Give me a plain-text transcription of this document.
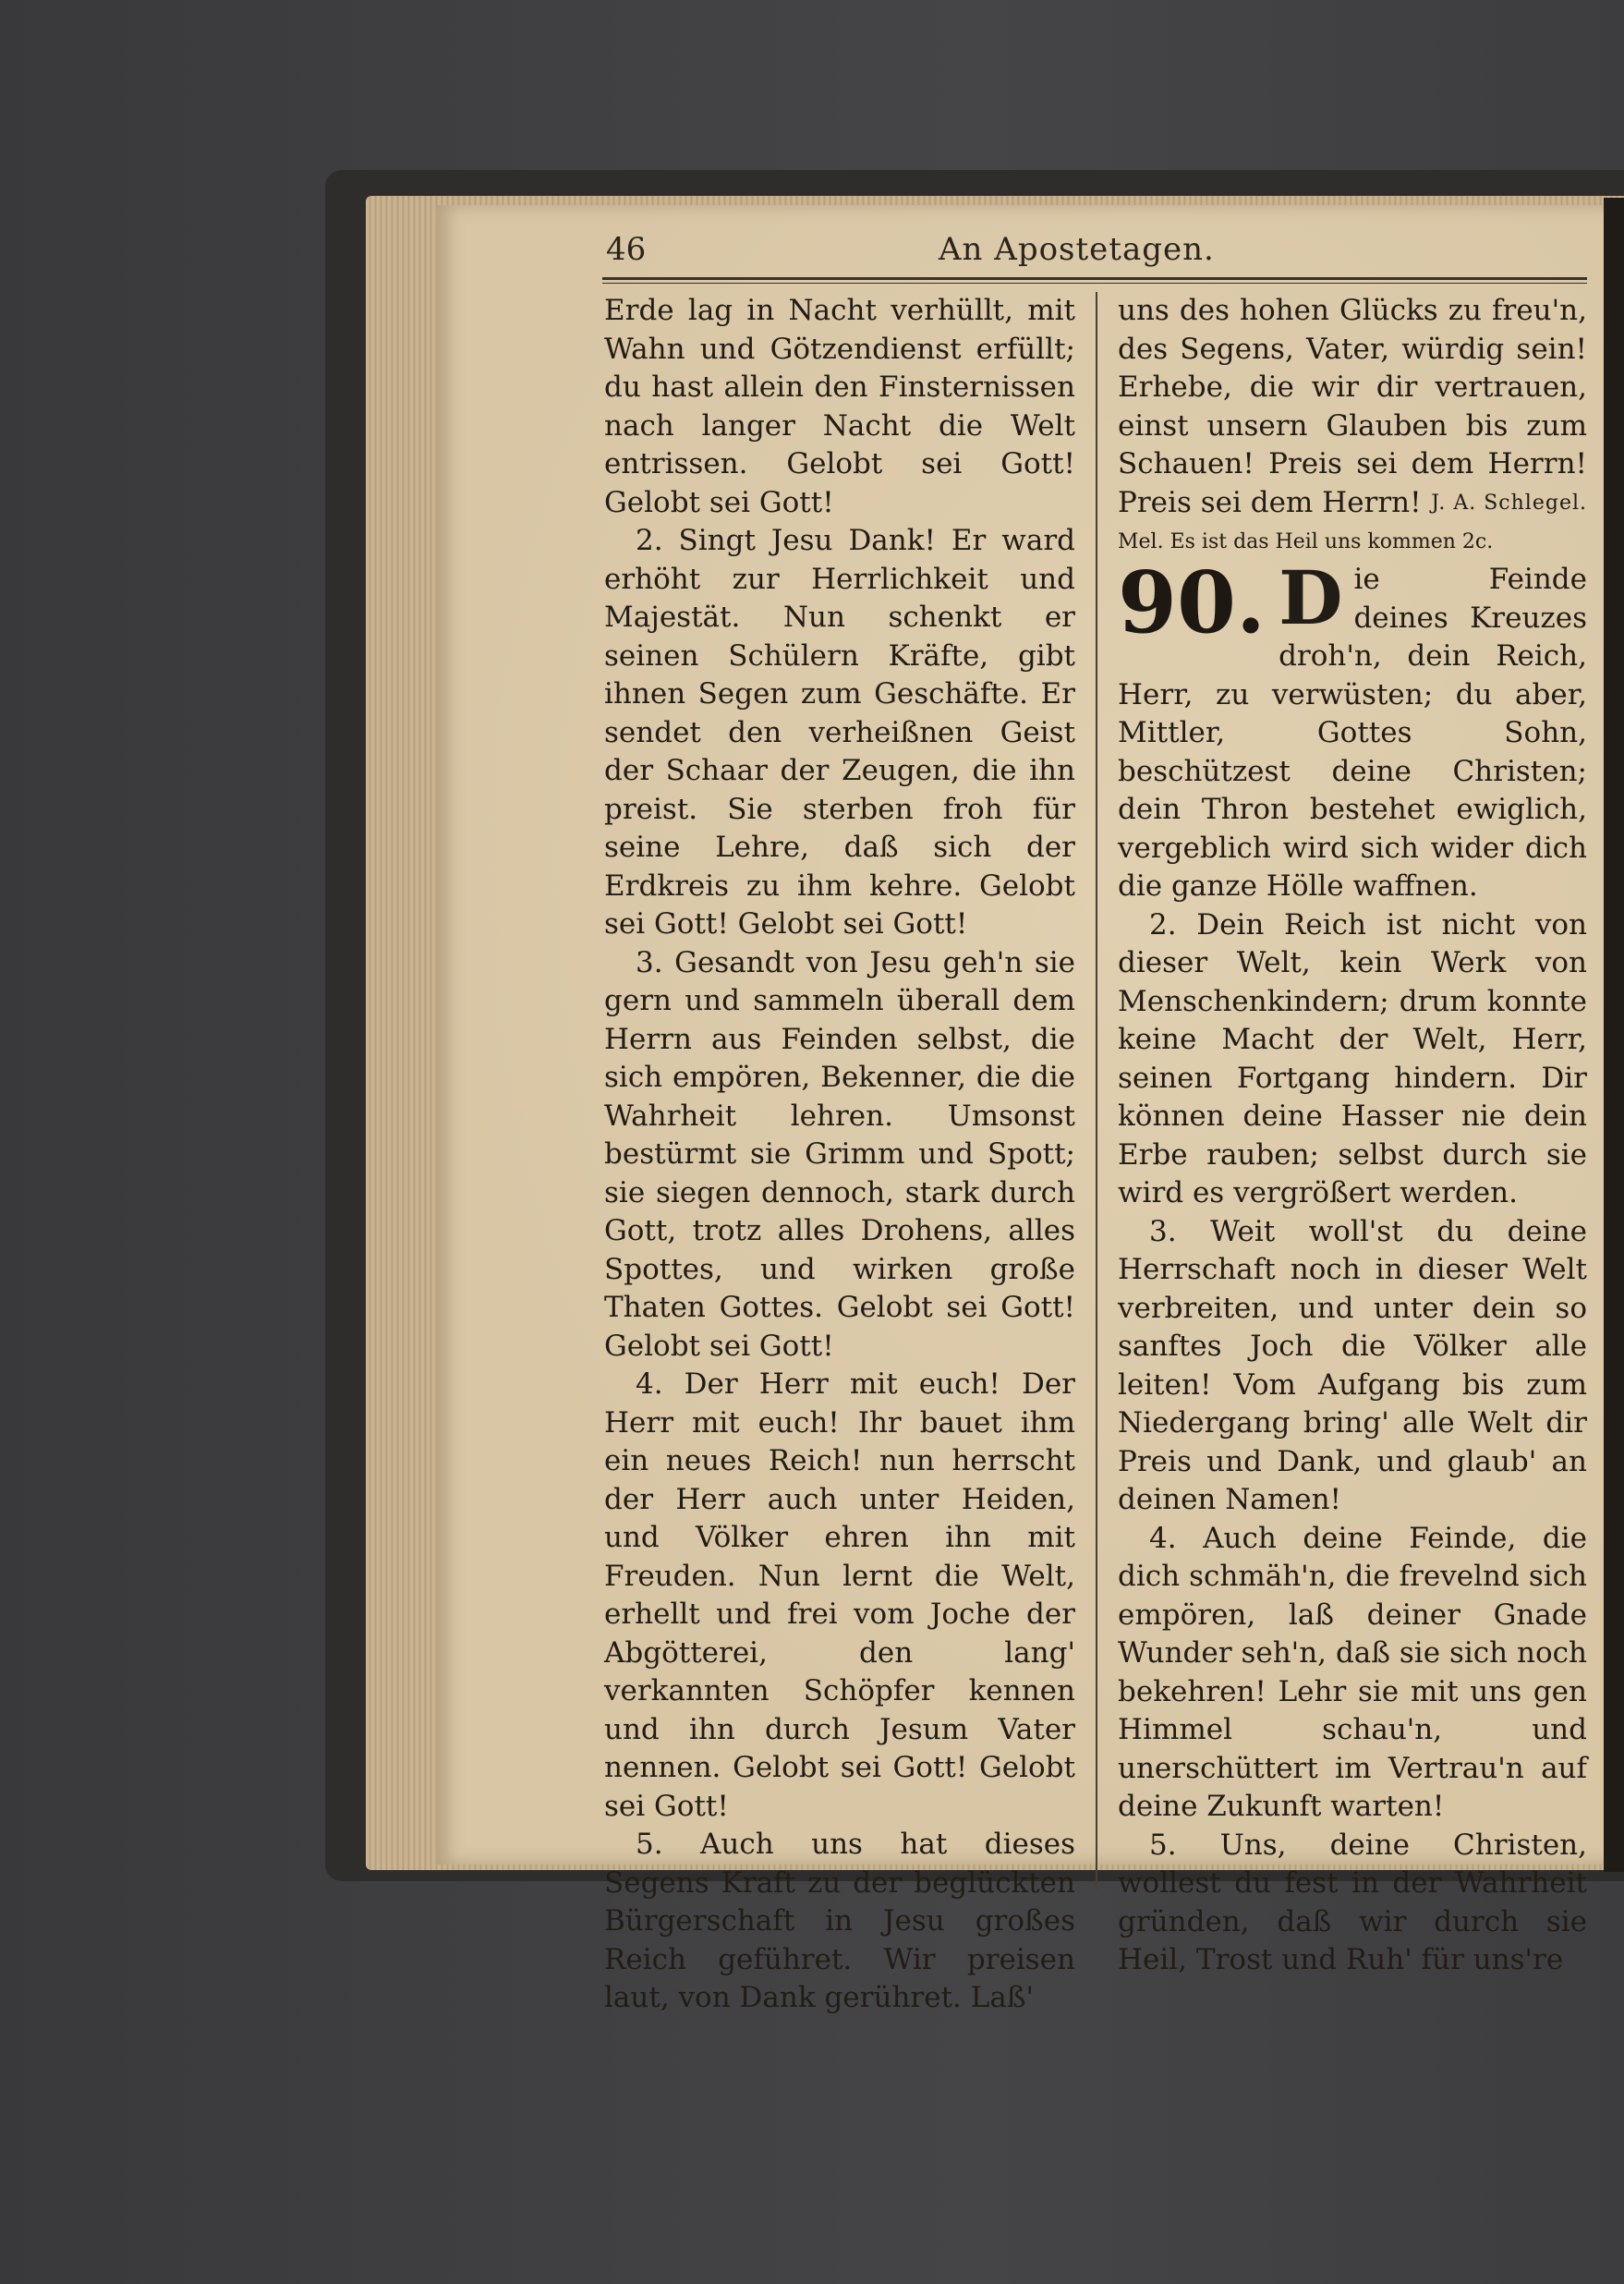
46	An Apostetagen.

Erde lag in Nacht verhüllt, mit Wahn und Götzendienst erfüllt; du hast allein den Finsternissen nach langer Nacht die Welt entrissen. Gelobt sei Gott! Gelobt sei Gott!

2. Singt Jesu Dank! Er ward erhöht zur Herrlichkeit und Majestät. Nun schenkt er seinen Schülern Kräfte, gibt ihnen Segen zum Geschäfte. Er sendet den verheißnen Geist der Schaar der Zeugen, die ihn preist. Sie sterben froh für seine Lehre, daß sich der Erdkreis zu ihm kehre. Gelobt sei Gott! Gelobt sei Gott!

3. Gesandt von Jesu geh'n sie gern und sammeln überall dem Herrn aus Feinden selbst, die sich empören, Bekenner, die die Wahrheit lehren. Umsonst bestürmt sie Grimm und Spott; sie siegen dennoch, stark durch Gott, trotz alles Drohens, alles Spottes, und wirken große Thaten Gottes. Gelobt sei Gott! Gelobt sei Gott!

4. Der Herr mit euch! Der Herr mit euch! Ihr bauet ihm ein neues Reich! nun herrscht der Herr auch unter Heiden, und Völker ehren ihn mit Freuden. Nun lernt die Welt, erhellt und frei vom Joche der Abgötterei, den lang' verkannten Schöpfer kennen und ihn durch Jesum Vater nennen. Gelobt sei Gott! Gelobt sei Gott!

5. Auch uns hat dieses Segens Kraft zu der beglückten Bürgerschaft in Jesu großes Reich geführet. Wir preisen laut, von Dank gerühret. Laß'

uns des hohen Glücks zu freu'n, des Segens, Vater, würdig sein! Erhebe, die wir dir vertrauen, einst unsern Glauben bis zum Schauen! Preis sei dem Herrn! Preis sei dem Herrn! J. A. Schlegel.

Mel. Es ist das Heil uns kommen 2c.

90. D ie Feinde deines Kreuzes droh'n, dein Reich, Herr, zu verwüsten; du aber, Mittler, Gottes Sohn, beschützest deine Christen; dein Thron bestehet ewiglich, vergeblich wird sich wider dich die ganze Hölle waffnen.

2. Dein Reich ist nicht von dieser Welt, kein Werk von Menschenkindern; drum konnte keine Macht der Welt, Herr, seinen Fortgang hindern. Dir können deine Hasser nie dein Erbe rauben; selbst durch sie wird es vergrößert werden.

3. Weit woll'st du deine Herrschaft noch in dieser Welt verbreiten, und unter dein so sanftes Joch die Völker alle leiten! Vom Aufgang bis zum Niedergang bring' alle Welt dir Preis und Dank, und glaub' an deinen Namen!

4. Auch deine Feinde, die dich schmäh'n, die frevelnd sich empören, laß deiner Gnade Wunder seh'n, daß sie sich noch bekehren! Lehr sie mit uns gen Himmel schau'n, und unerschüttert im Vertrau'n auf deine Zukunft warten!

5. Uns, deine Christen, wollest du fest in der Wahrheit gründen, daß wir durch sie Heil, Trost und Ruh' für uns're
